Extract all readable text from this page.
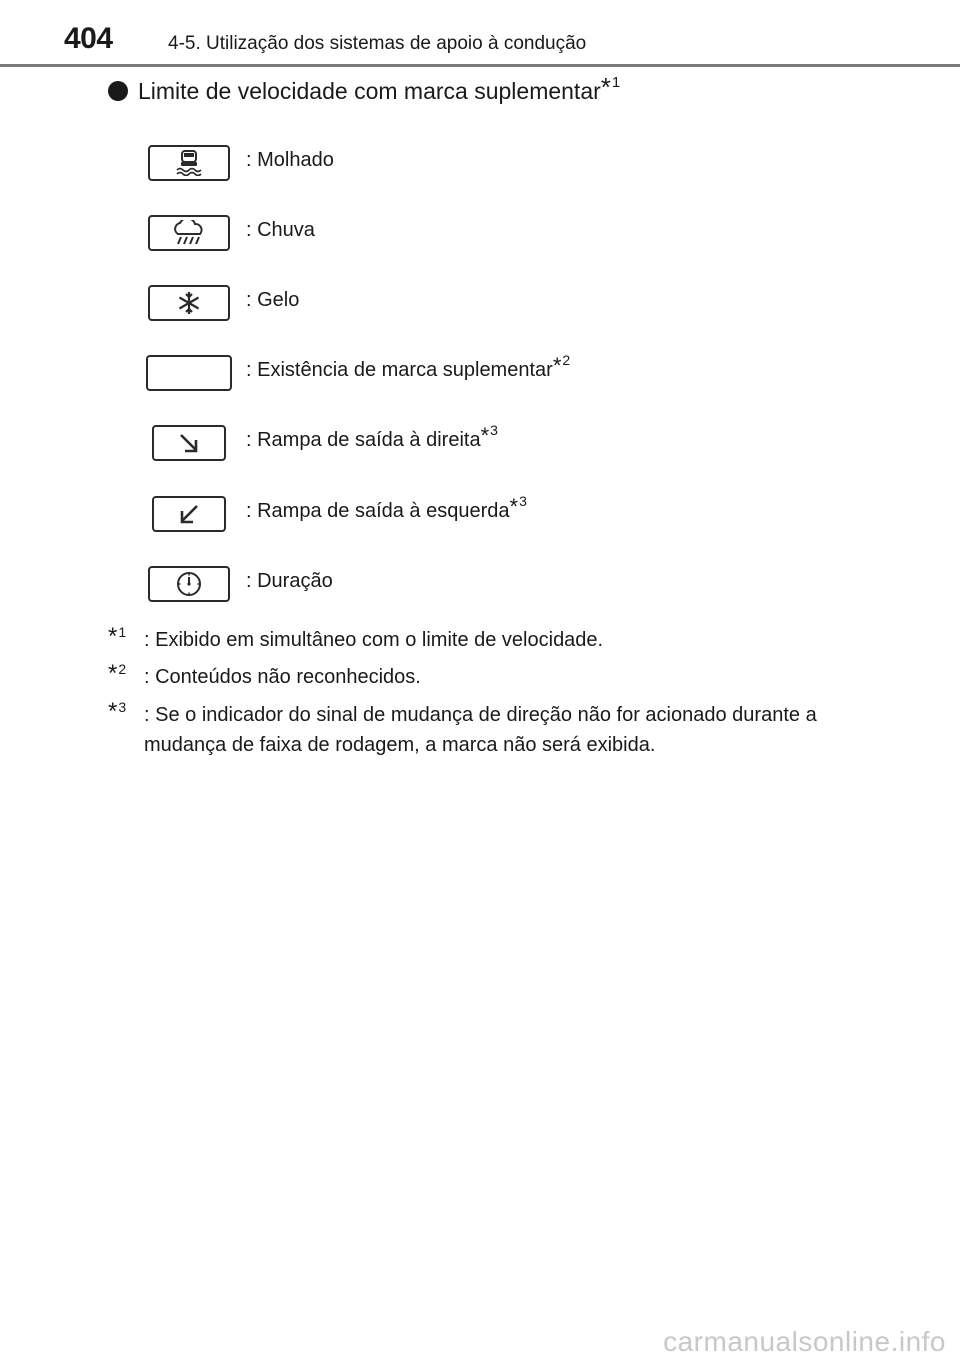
404	4-5. Utilização dos sistemas de apoio à condução
Limite de velocidade com marca suplementar$^{*1}$
: Molhado
: Chuva
: Gelo
: Existência de marca suplementar$^{*2}$
: Rampa de saída à direita$^{*3}$
: Rampa de saída à esquerda$^{*3}$
: Duração
$^{*1}$ : Exibido em simultâneo com o limite de velocidade.
$^{*2}$ : Conteúdos não reconhecidos.
$^{*3}$ : Se o indicador do sinal de mudança de direção não for acionado durante a mudança de faixa de rodagem, a marca não será exibida.
carmanualsonline.info
